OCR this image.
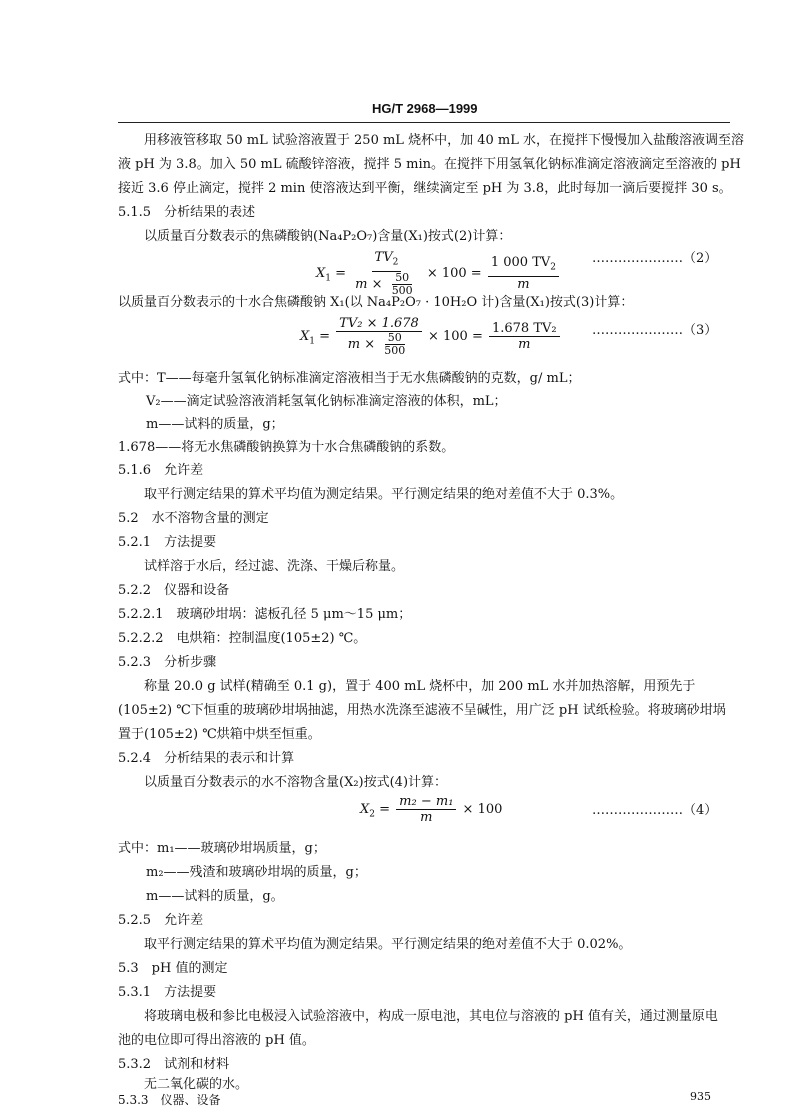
HG/T 2968—1999
用移液管移取 50 mL 试验溶液置于 250 mL 烧杯中，加 40 mL 水，在搅拌下慢慢加入盐酸溶液调至溶
液 pH 为 3.8。加入 50 mL 硫酸锌溶液，搅拌 5 min。在搅拌下用氢氧化钠标准滴定溶液滴定至溶液的 pH
接近 3.6 停止滴定，搅拌 2 min 使溶液达到平衡，继续滴定至 pH 为 3.8，此时每加一滴后要搅拌 30 s。
5.1.5　分析结果的表述
以质量百分数表示的焦磷酸钠(Na₄P₂O₇)含量(X₁)按式(2)计算：
$X_1 = \frac{TV_2}{m \times \frac{50}{500}} \times 100 = \frac{1 000 TV_2}{m}$	…………………（2）
以质量百分数表示的十水合焦磷酸钠 X₁(以 Na₄P₂O₇ · 10H₂O 计)含量(X₁)按式(3)计算：
$X_1 = \frac{\text{TV₂ × 1.678}}{m \times \frac{50}{500}} \times 100 = \frac{\text{1.678 TV₂}}{m}$ …………………（3）
式中：T——每毫升氢氧化钠标准滴定溶液相当于无水焦磷酸钠的克数，g/ mL；
V₂——滴定试验溶液消耗氢氧化钠标准滴定溶液的体积，mL；
m——试料的质量，g；
1.678——将无水焦磷酸钠换算为十水合焦磷酸钠的系数。
5.1.6　允许差
取平行测定结果的算术平均值为测定结果。平行测定结果的绝对差值不大于 0.3%。
5.2　水不溶物含量的测定
5.2.1　方法提要
试样溶于水后，经过滤、洗涤、干燥后称量。
5.2.2　仪器和设备
5.2.2.1　玻璃砂坩埚：滤板孔径 5 μm～15 μm；
5.2.2.2　电烘箱：控制温度(105±2) ℃。
5.2.3　分析步骤
称量 20.0 g 试样(精确至 0.1 g)，置于 400 mL 烧杯中，加 200 mL 水并加热溶解，用预先于
(105±2) ℃下恒重的玻璃砂坩埚抽滤，用热水洗涤至滤液不呈碱性，用广泛 pH 试纸检验。将玻璃砂坩埚
置于(105±2) ℃烘箱中烘至恒重。
5.2.4　分析结果的表示和计算
以质量百分数表示的水不溶物含量(X₂)按式(4)计算：
$X_2 = \frac{\text{m₂ − m₁}}{m} \times 100$	…………………（4）
式中：m₁——玻璃砂坩埚质量，g；
m₂——残渣和玻璃砂坩埚的质量，g；
m——试料的质量，g。
5.2.5　允许差
取平行测定结果的算术平均值为测定结果。平行测定结果的绝对差值不大于 0.02%。
5.3　pH 值的测定
5.3.1　方法提要
将玻璃电极和参比电极浸入试验溶液中，构成一原电池，其电位与溶液的 pH 值有关，通过测量原电
池的电位即可得出溶液的 pH 值。
5.3.2　试剂和材料
无二氧化碳的水。
5.3.3　仪器、设备	935
